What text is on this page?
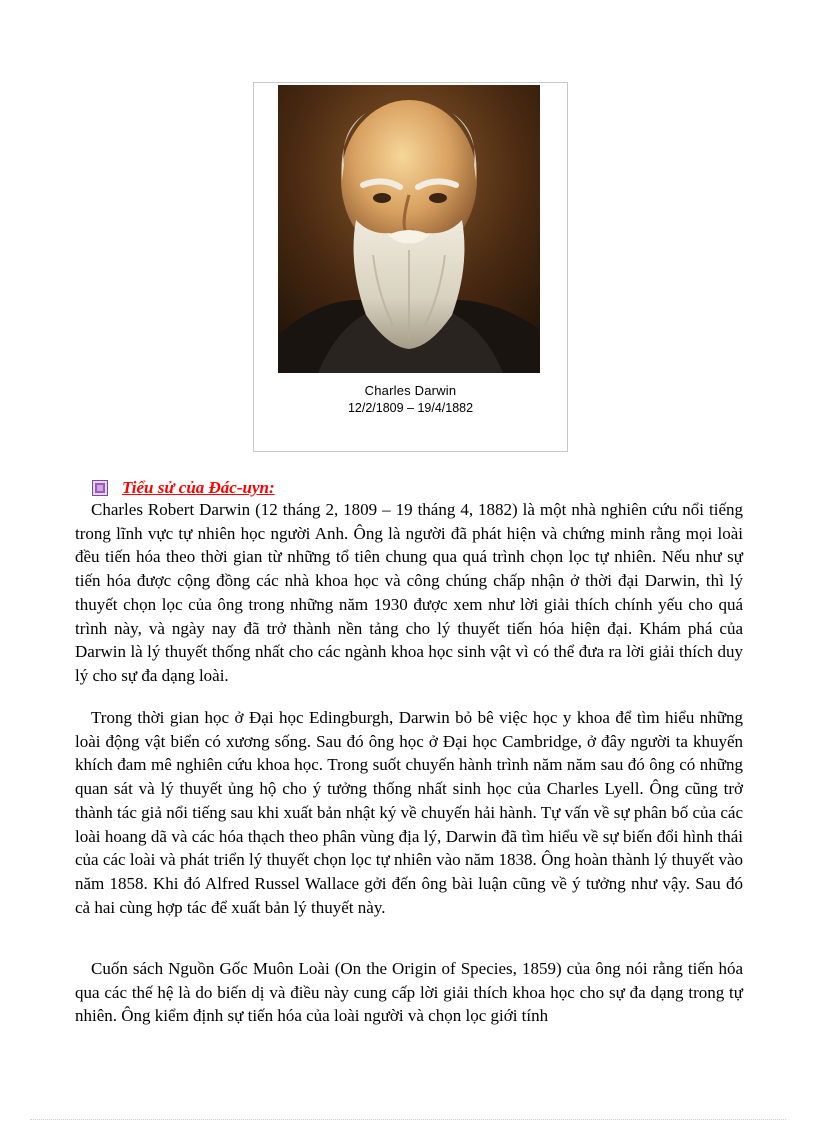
Charles Darwin
12/2/1809 – 19/4/1882
Tiểu sử của Đác-uyn:

Charles Robert Darwin (12 tháng 2, 1809 – 19 tháng 4, 1882) là một nhà nghiên cứu nổi tiếng trong lĩnh vực tự nhiên học người Anh. Ông là người đã phát hiện và chứng minh rằng mọi loài đều tiến hóa theo thời gian từ những tổ tiên chung qua quá trình chọn lọc tự nhiên. Nếu như sự tiến hóa được cộng đồng các nhà khoa học và công chúng chấp nhận ở thời đại Darwin, thì lý thuyết chọn lọc của ông trong những năm 1930 được xem như lời giải thích chính yếu cho quá trình này, và ngày nay đã trở thành nền tảng cho lý thuyết tiến hóa hiện đại. Khám phá của Darwin là lý thuyết thống nhất cho các ngành khoa học sinh vật vì có thể đưa ra lời giải thích duy lý cho sự đa dạng loài.

Trong thời gian học ở Đại học Edingburgh, Darwin bỏ bê việc học y khoa để tìm hiểu những loài động vật biển có xương sống. Sau đó ông học ở Đại học Cambridge, ở đây người ta khuyến khích đam mê nghiên cứu khoa học. Trong suốt chuyến hành trình năm năm sau đó ông có những quan sát và lý thuyết ủng hộ cho ý tưởng thống nhất sinh học của Charles Lyell. Ông cũng trở thành tác giả nổi tiếng sau khi xuất bản nhật ký về chuyến hải hành. Tự vấn về sự phân bố của các loài hoang dã và các hóa thạch theo phân vùng địa lý, Darwin đã tìm hiểu về sự biến đổi hình thái của các loài và phát triển lý thuyết chọn lọc tự nhiên vào năm 1838. Ông hoàn thành lý thuyết vào năm 1858. Khi đó Alfred Russel Wallace gởi đến ông bài luận cũng về ý tưởng như vậy. Sau đó cả hai cùng hợp tác để xuất bản lý thuyết này.

Cuốn sách Nguồn Gốc Muôn Loài (On the Origin of Species, 1859) của ông nói rằng tiến hóa qua các thế hệ là do biến dị và điều này cung cấp lời giải thích khoa học cho sự đa dạng trong tự nhiên. Ông kiểm định sự tiến hóa của loài người và chọn lọc giới tính
